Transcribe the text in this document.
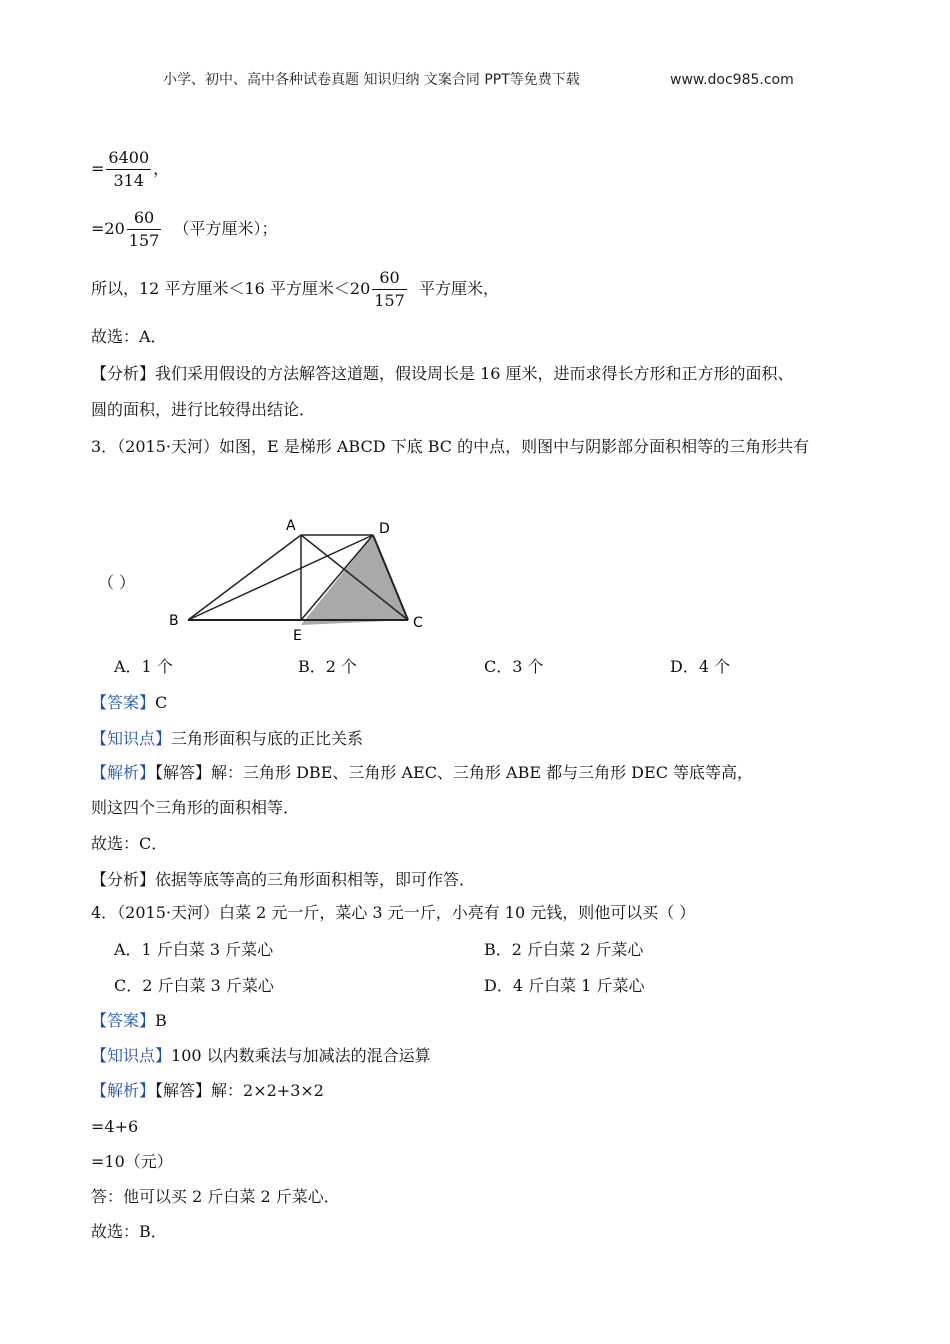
小学、初中、高中各种试卷真题 知识归纳 文案合同 PPT等免费下载	www.doc985.com
= $\frac{6400}{314}$ ，
$=20 \frac{60}{157}$ （平方厘米）；
所以，12 平方厘米＜16 平方厘米$<20 \frac{60}{157}$ 平方厘米，
故选：A．
【分析】我们采用假设的方法解答这道题，假设周长是 16 厘米，进而求得长方形和正方形的面积、
圆的面积，进行比较得出结论．
3．（2015·天河）如图，E 是梯形 ABCD 下底 BC 的中点，则图中与阴影部分面积相等的三角形共有
（ ）
A	D
B
E
C
A．1 个	B．2 个	C．3 个	D．4 个
【答案】C
【知识点】三角形面积与底的正比关系
【解析】【解答】解：三角形 DBE、三角形 AEC、三角形 ABE 都与三角形 DEC 等底等高，
则这四个三角形的面积相等．
故选：C．
【分析】依据等底等高的三角形面积相等，即可作答．
4．（2015·天河）白菜 2 元一斤，菜心 3 元一斤，小亮有 10 元钱，则他可以买（ ）
A．1 斤白菜 3 斤菜心	B．2 斤白菜 2 斤菜心
C．2 斤白菜 3 斤菜心	D．4 斤白菜 1 斤菜心
【答案】B
【知识点】100 以内数乘法与加减法的混合运算
【解析】【解答】解：2×2+3×2
=4+6
=10（元）
答：他可以买 2 斤白菜 2 斤菜心．
故选：B．
